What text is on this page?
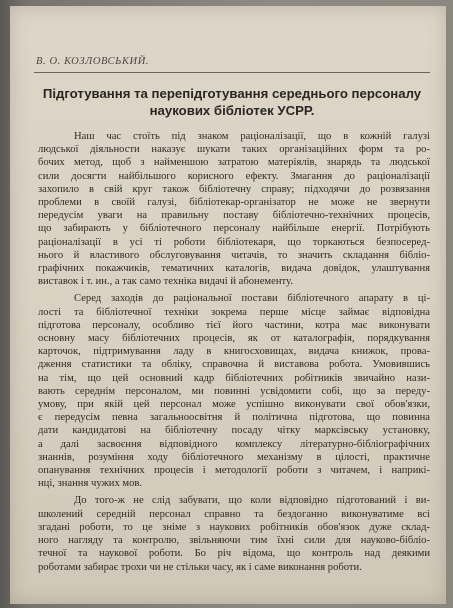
В. О. КОЗЛОВСЬКИЙ.
Підготування та перепідготування середнього персоналу
наукових бібліотек УСРР.
Наш час стоїть під знаком раціоналізації, що в кожній галузі
людської діяльности наказує шукати таких організаційних форм та ро-
бочих метод, щоб з найменшою затратою матеріялів, знарядь та людської
сили досягти найбільшого корисного ефекту. Змагання до раціоналізації
захопило в свій круг також бібліотечну справу; підходячи до розвязання
проблеми в своїй галузі, бібліотекар-організатор не може не звернути
передусім уваги на правильну поставу бібліотечно-технічних процесів,
що забирають у бібліотечного персоналу найбільше енергії. Потрібують
раціоналізації в усі ті роботи бібліотекаря, що торкаються безпосеред-
нього й властивого обслуговування читачів, то значить складання бібліо-
графічних покажчиків, тематичних каталогів, видача довідок, улаштування
виставок і т. ин., а так само техніка видачі й абонементу.
Серед заходів до раціональної постави бібліотечного апарату в ці-
лості та бібліотечної техніки зокрема перше місце займає відповідна
підготова персоналу, особливо тієї його частини, котра має виконувати
основну масу бібліотечних процесів, як от каталографія, порядкування
карточок, підтримування ладу в книгосховищах, видача книжок, прова-
дження статистики та обліку, справочна й виставова робота. Умовившись
на тім, що цей основний кадр бібліотечних робітників звичайно нази-
вають середнім персоналом, ми повинні усвідомити собі, що за переду-
умову, при якій цей персонал може успішно виконувати свої обов'язки,
є передусім певна загальноосвітня й політична підготова, що повинна
дати кандидатові на бібліотечну посаду чітку марксівську установку,
а далі засвоєння відповідного комплексу літературно-бібліографічних
знаннів, розуміння ходу бібліотечного механізму в цілості, практичне
опанування технічних процесів і методології роботи з читачем, і наприкі-
нці, знання чужих мов.
До того-ж не слід забувати, що коли відповідно підготований і ви-
школений середній персонал справно та бездоганно виконуватиме всі
згадані роботи, то це зніме з наукових робітників обов'язок дуже склад-
ного нагляду та контролю, звільняючи тим їхні сили для науково-бібліо-
течної та наукової роботи. Бо річ відома, що контроль над деякими
роботами забирає трохи чи не стільки часу, як і саме виконання роботи.
